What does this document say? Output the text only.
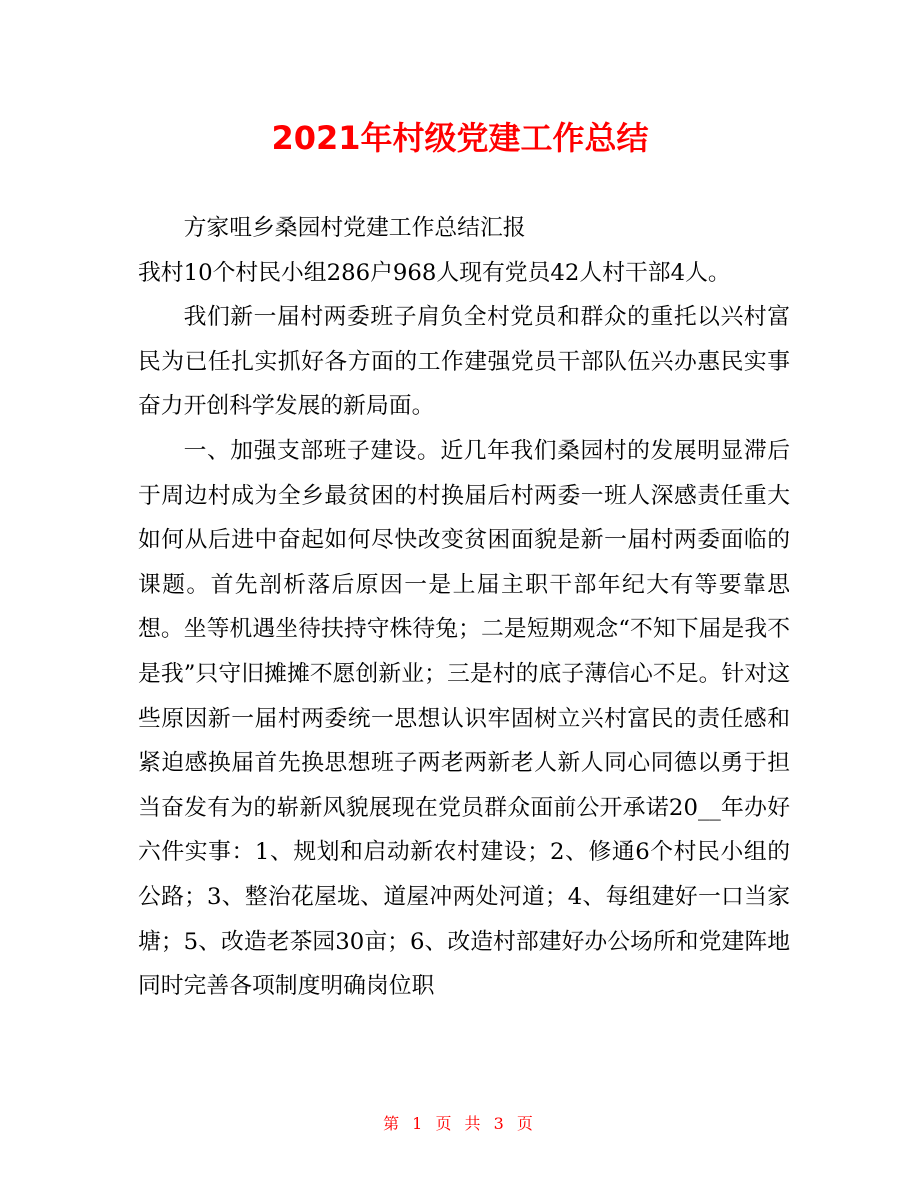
2021年村级党建工作总结

方家咀乡桑园村党建工作总结汇报

我村10个村民小组286户968人现有党员42人村干部4人。

我们新一届村两委班子肩负全村党员和群众的重托以兴村富民为已任扎实抓好各方面的工作建强党员干部队伍兴办惠民实事奋力开创科学发展的新局面。

一、加强支部班子建设。近几年我们桑园村的发展明显滞后于周边村成为全乡最贫困的村换届后村两委一班人深感责任重大如何从后进中奋起如何尽快改变贫困面貌是新一届村两委面临的课题。首先剖析落后原因一是上届主职干部年纪大有等要靠思想。坐等机遇坐待扶持守株待兔；二是短期观念“不知下届是我不是我”只守旧摊摊不愿创新业；三是村的底子薄信心不足。针对这些原因新一届村两委统一思想认识牢固树立兴村富民的责任感和紧迫感换届首先换思想班子两老两新老人新人同心同德以勇于担当奋发有为的崭新风貌展现在党员群众面前公开承诺20__年办好六件实事：1、规划和启动新农村建设；2、修通6个村民小组的公路；3、整治花屋垅、道屋冲两处河道；4、每组建好一口当家塘；5、改造老茶园30亩；6、改造村部建好办公场所和党建阵地同时完善各项制度明确岗位职

第 1 页 共 3 页
